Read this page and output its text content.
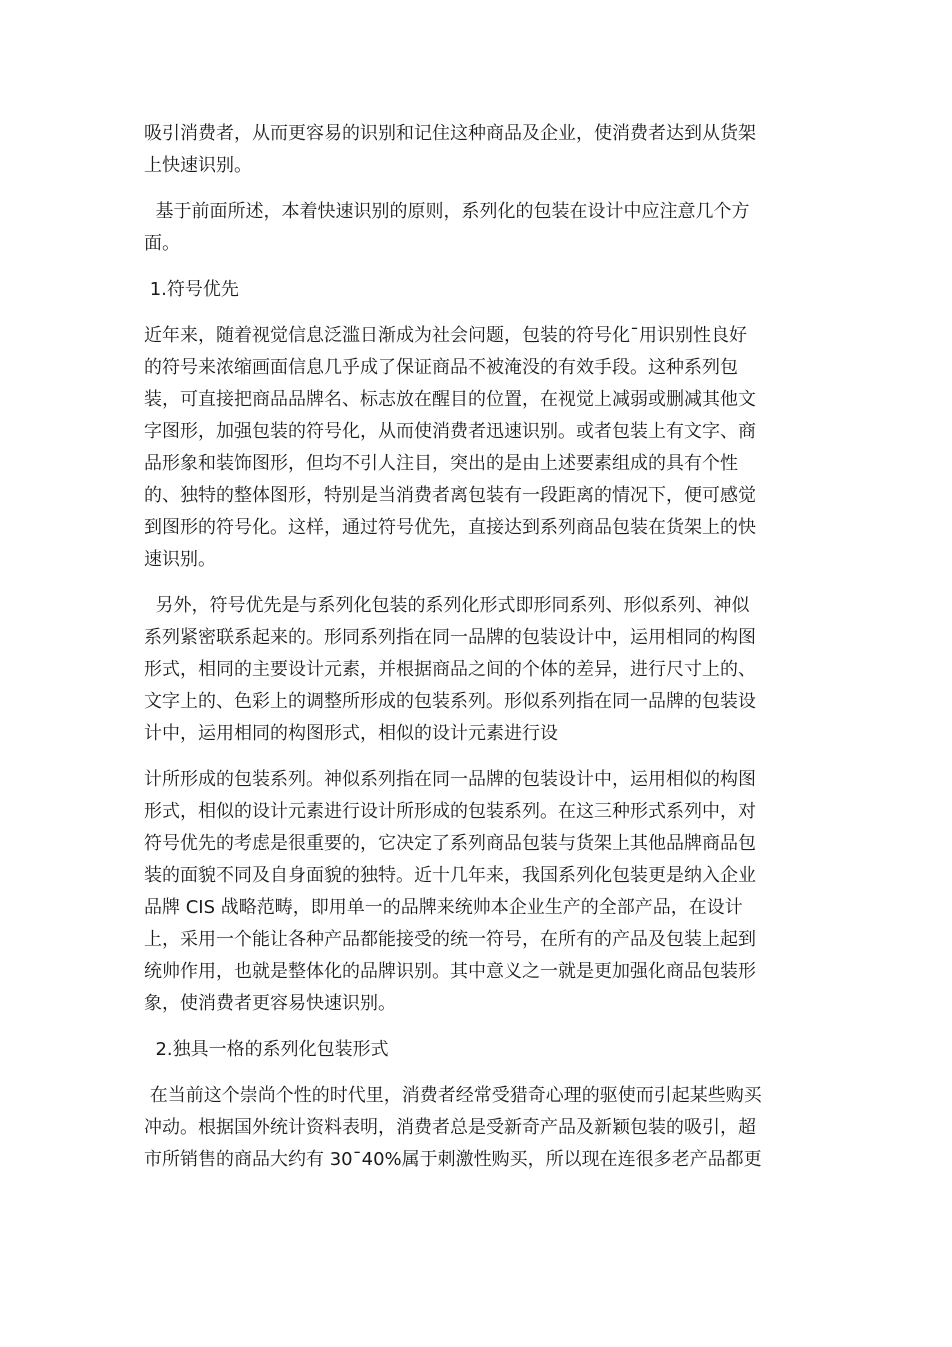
吸引消费者，从而更容易的识别和记住这种商品及企业，使消费者达到从货架
上快速识别。
基于前面所述，本着快速识别的原则，系列化的包装在设计中应注意几个方
面。
1.符号优先
近年来，随着视觉信息泛滥日渐成为社会问题，包装的符号化¯用识别性良好
的符号来浓缩画面信息几乎成了保证商品不被淹没的有效手段。这种系列包
装，可直接把商品品牌名、标志放在醒目的位置，在视觉上减弱或删减其他文
字图形，加强包装的符号化，从而使消费者迅速识别。或者包装上有文字、商
品形象和装饰图形，但均不引人注目，突出的是由上述要素组成的具有个性
的、独特的整体图形，特别是当消费者离包装有一段距离的情况下，便可感觉
到图形的符号化。这样，通过符号优先，直接达到系列商品包装在货架上的快
速识别。
另外，符号优先是与系列化包装的系列化形式即形同系列、形似系列、神似
系列紧密联系起来的。形同系列指在同一品牌的包装设计中，运用相同的构图
形式，相同的主要设计元素，并根据商品之间的个体的差异，进行尺寸上的、
文字上的、色彩上的调整所形成的包装系列。形似系列指在同一品牌的包装设
计中，运用相同的构图形式，相似的设计元素进行设
计所形成的包装系列。神似系列指在同一品牌的包装设计中，运用相似的构图
形式，相似的设计元素进行设计所形成的包装系列。在这三种形式系列中，对
符号优先的考虑是很重要的，它决定了系列商品包装与货架上其他品牌商品包
装的面貌不同及自身面貌的独特。近十几年来，我国系列化包装更是纳入企业
品牌 CIS 战略范畴，即用单一的品牌来统帅本企业生产的全部产品，在设计
上，采用一个能让各种产品都能接受的统一符号，在所有的产品及包装上起到
统帅作用，也就是整体化的品牌识别。其中意义之一就是更加强化商品包装形
象，使消费者更容易快速识别。
2.独具一格的系列化包装形式
在当前这个崇尚个性的时代里，消费者经常受猎奇心理的驱使而引起某些购买
冲动。根据国外统计资料表明，消费者总是受新奇产品及新颖包装的吸引，超
市所销售的商品大约有 30¯40%属于刺激性购买，所以现在连很多老产品都更
